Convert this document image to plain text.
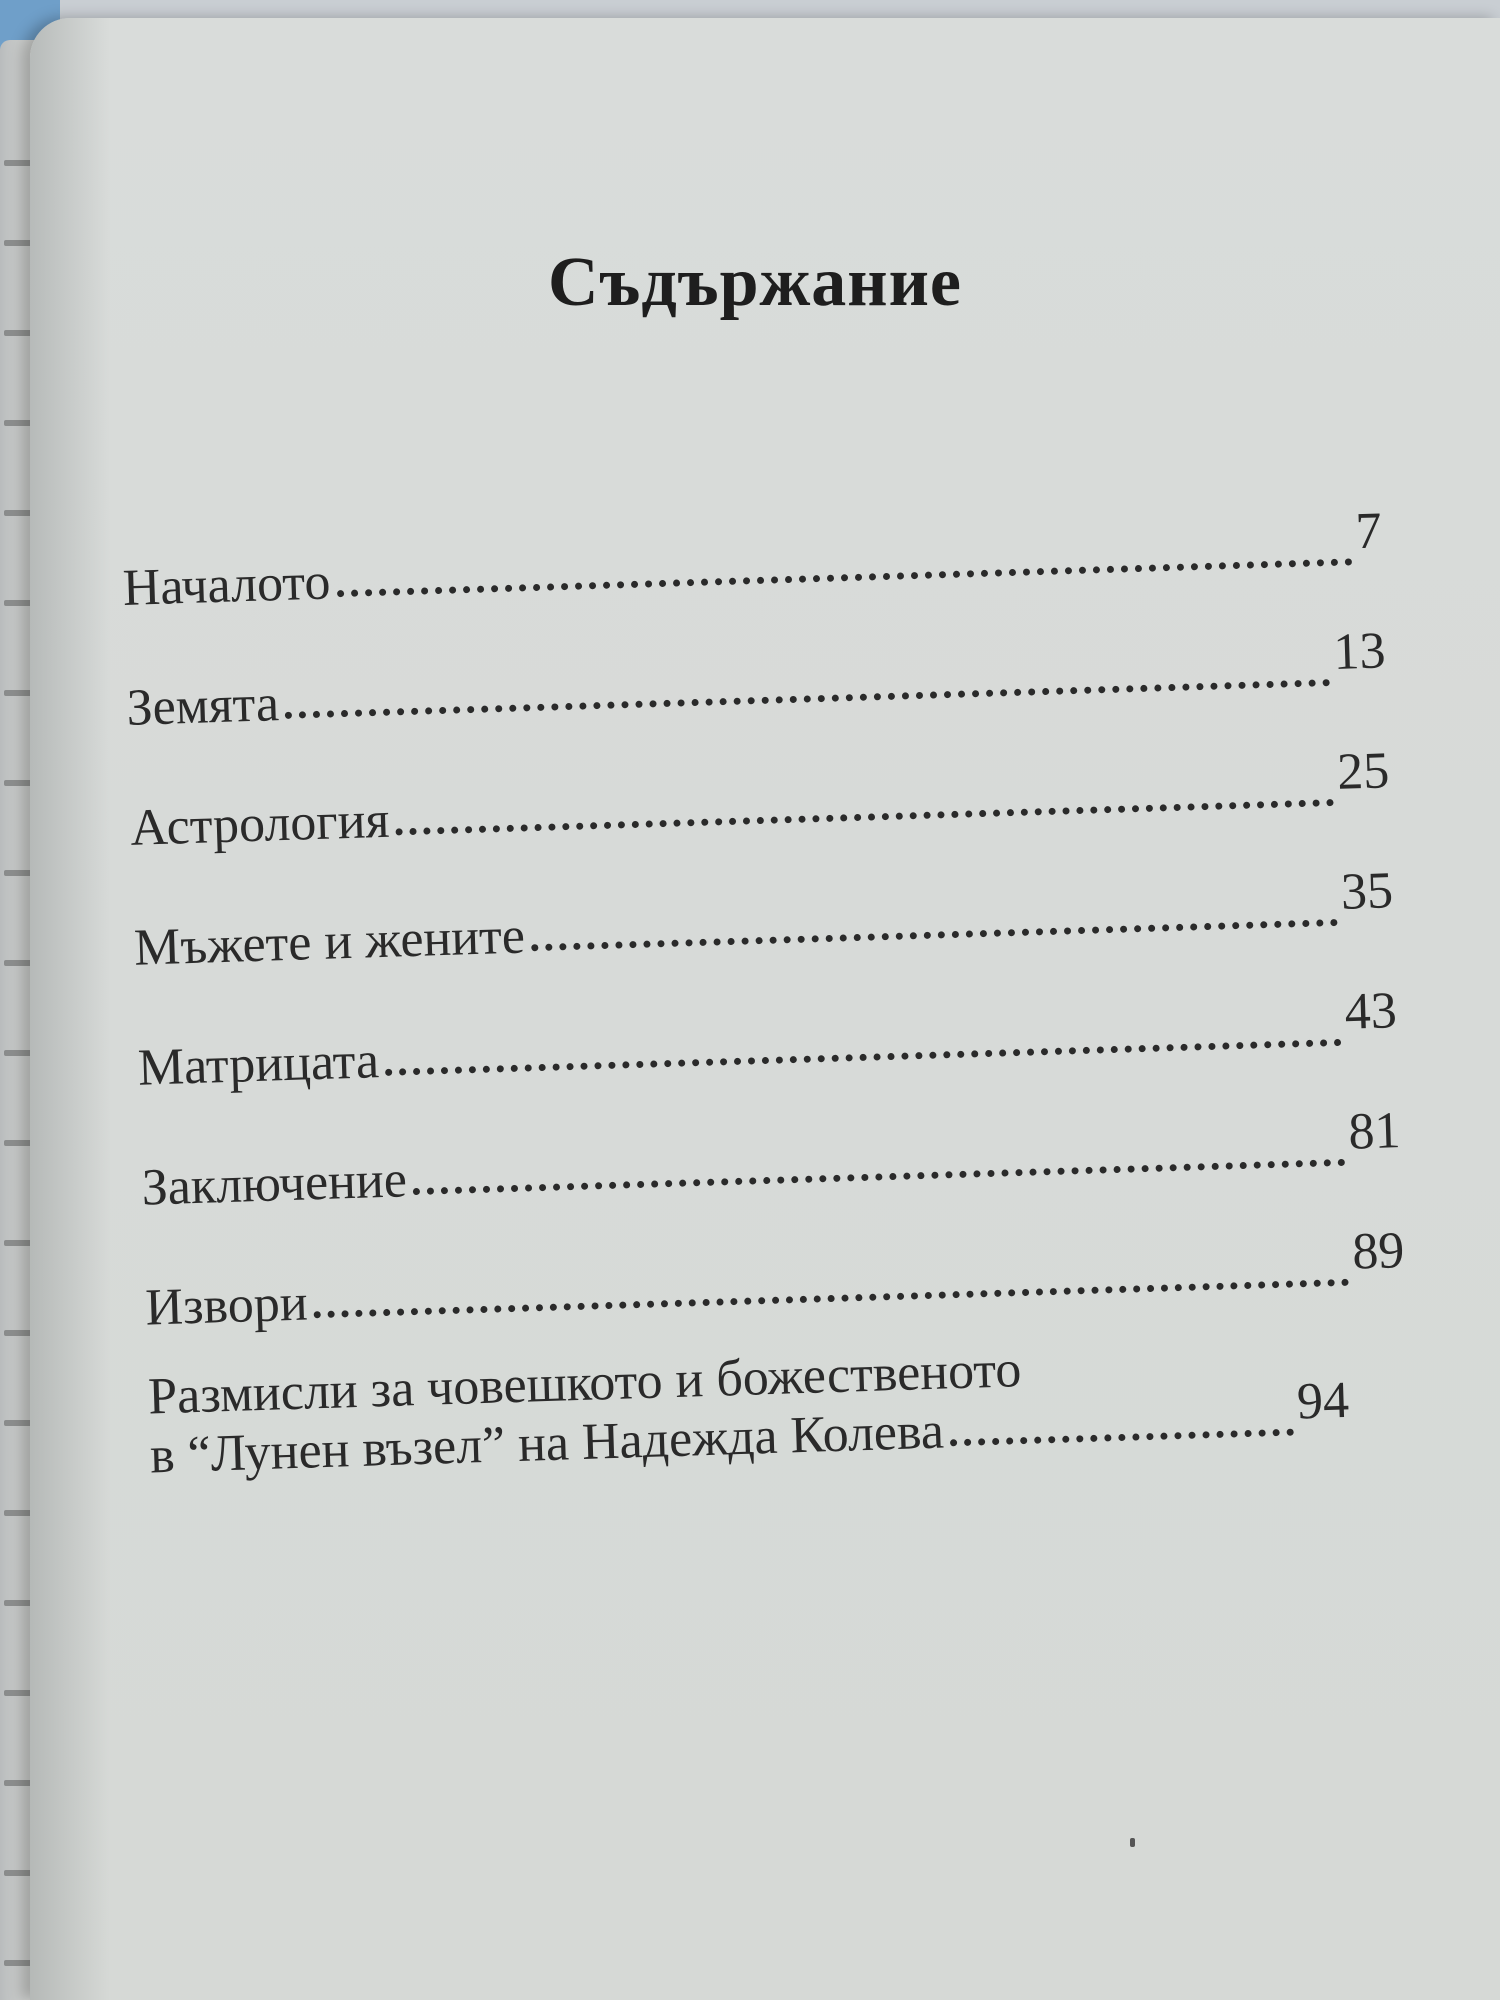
Съдържание
Началото
7
Земята
13
Астрология
25
Мъжете и жените
35
Матрицата
43
Заключение
81
Извори
89
Размисли за човешкото и божественото
в “Лунен възел” на Надежда Колева
94
